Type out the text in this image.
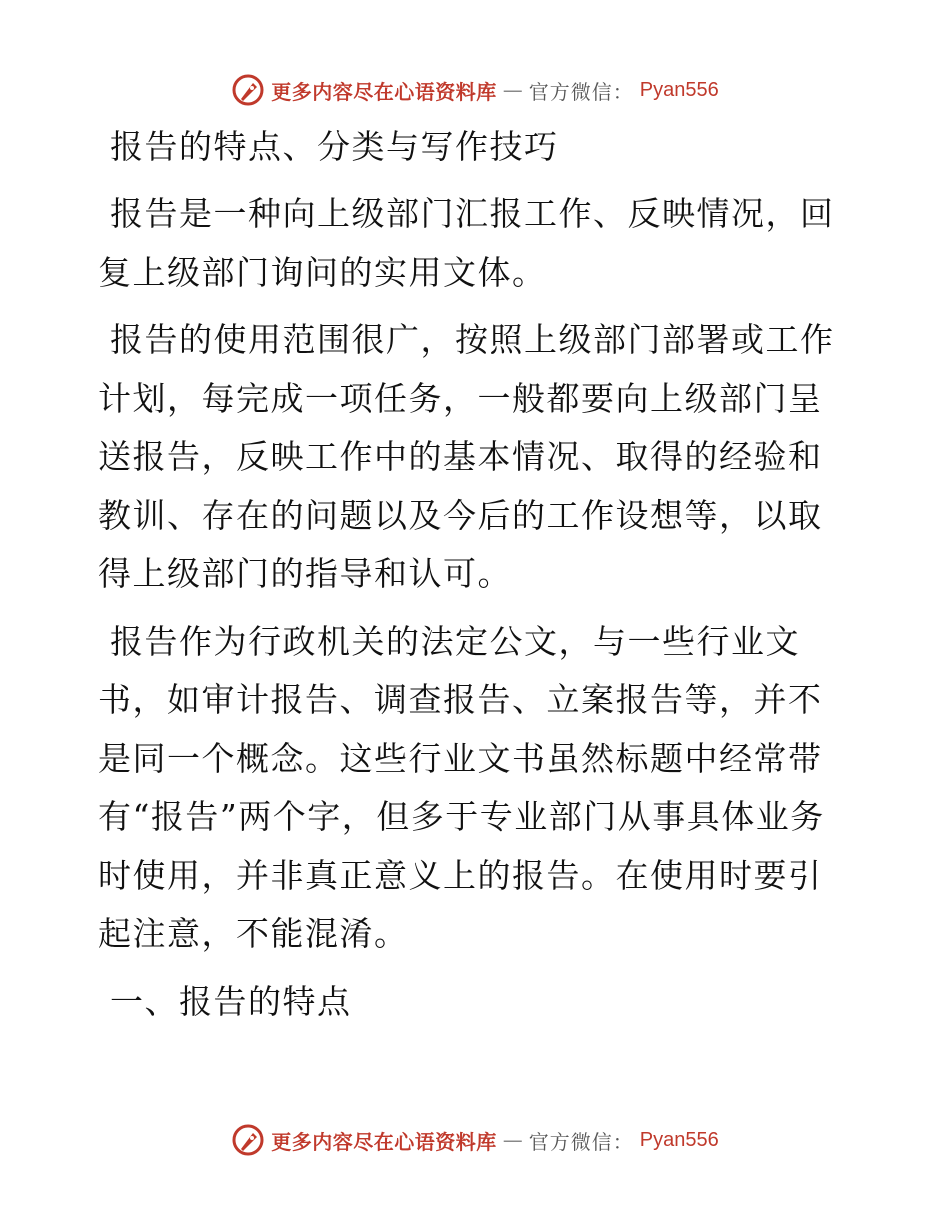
更多内容尽在心语资料库 — 官方微信： Pyan556

报告的特点、分类与写作技巧

报告是一种向上级部门汇报工作、反映情况，回复上级部门询问的实用文体。

报告的使用范围很广，按照上级部门部署或工作计划，每完成一项任务，一般都要向上级部门呈送报告，反映工作中的基本情况、取得的经验和教训、存在的问题以及今后的工作设想等，以取得上级部门的指导和认可。

报告作为行政机关的法定公文，与一些行业文书，如审计报告、调查报告、立案报告等，并不是同一个概念。这些行业文书虽然标题中经常带有“报告”两个字，但多于专业部门从事具体业务时使用，并非真正意义上的报告。在使用时要引起注意，不能混淆。

一、报告的特点

更多内容尽在心语资料库 — 官方微信： Pyan556
